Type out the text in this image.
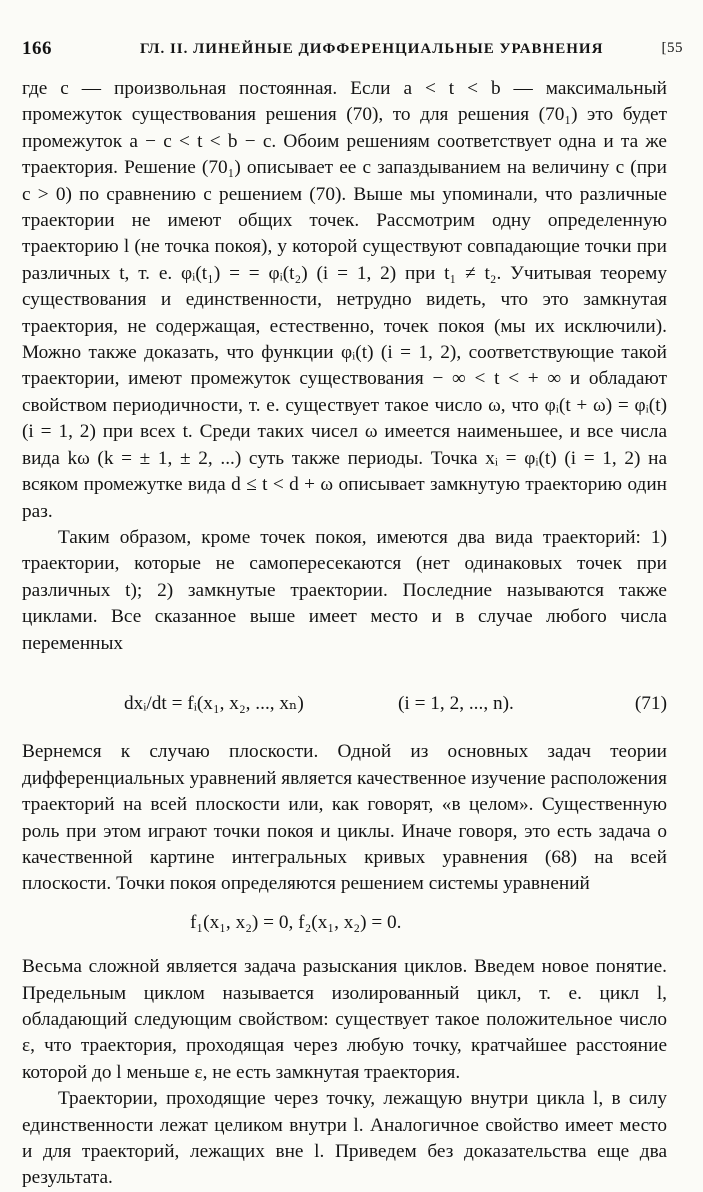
166	ГЛ. II. ЛИНЕЙНЫЕ ДИФФЕРЕНЦИАЛЬНЫЕ УРАВНЕНИЯ	[55

где c — произвольная постоянная. Если a < t < b — максимальный промежуток существования решения (70), то для решения (70₁) это будет промежуток a − c < t < b − c. Обоим решениям соответствует одна и та же траектория. Решение (70₁) описывает ее с запаздыванием на величину c (при c > 0) по сравнению с решением (70). Выше мы упоминали, что различные траектории не имеют общих точек. Рассмотрим одну определенную траекторию l (не точка покоя), у которой существуют совпадающие точки при различных t, т. е. φᵢ(t₁) = = φᵢ(t₂) (i = 1, 2) при t₁ ≠ t₂. Учитывая теорему существования и единственности, нетрудно видеть, что это замкнутая траектория, не содержащая, естественно, точек покоя (мы их исключили). Можно также доказать, что функции φᵢ(t) (i = 1, 2), соответствующие такой траектории, имеют промежуток существования − ∞ < t < + ∞ и обладают свойством периодичности, т. е. существует такое число ω, что φᵢ(t + ω) = φᵢ(t) (i = 1, 2) при всех t. Среди таких чисел ω имеется наименьшее, и все числа вида kω (k = ± 1, ± 2, ...) суть также периоды. Точка xᵢ = φᵢ(t) (i = 1, 2) на всяком промежутке вида d ≤ t < d + ω описывает замкнутую траекторию один раз.

Таким образом, кроме точек покоя, имеются два вида траекторий: 1) траектории, которые не самопересекаются (нет одинаковых точек при различных t); 2) замкнутые траектории. Последние называются также циклами. Все сказанное выше имеет место и в случае любого числа переменных

dxᵢ/dt = fᵢ(x₁, x₂, ..., xₙ)	(i = 1, 2, ..., n).	(71)

Вернемся к случаю плоскости. Одной из основных задач теории дифференциальных уравнений является качественное изучение расположения траекторий на всей плоскости или, как говорят, «в целом». Существенную роль при этом играют точки покоя и циклы. Иначе говоря, это есть задача о качественной картине интегральных кривых уравнения (68) на всей плоскости. Точки покоя определяются решением системы уравнений

f₁(x₁, x₂) = 0, f₂(x₁, x₂) = 0.

Весьма сложной является задача разыскания циклов. Введем новое понятие. Предельным циклом называется изолированный цикл, т. е. цикл l, обладающий следующим свойством: существует такое положительное число ε, что траектория, проходящая через любую точку, кратчайшее расстояние которой до l меньше ε, не есть замкнутая траектория.

Траектории, проходящие через точку, лежащую внутри цикла l, в силу единственности лежат целиком внутри l. Аналогичное свойство имеет место и для траекторий, лежащих вне l. Приведем без доказательства еще два результата.
